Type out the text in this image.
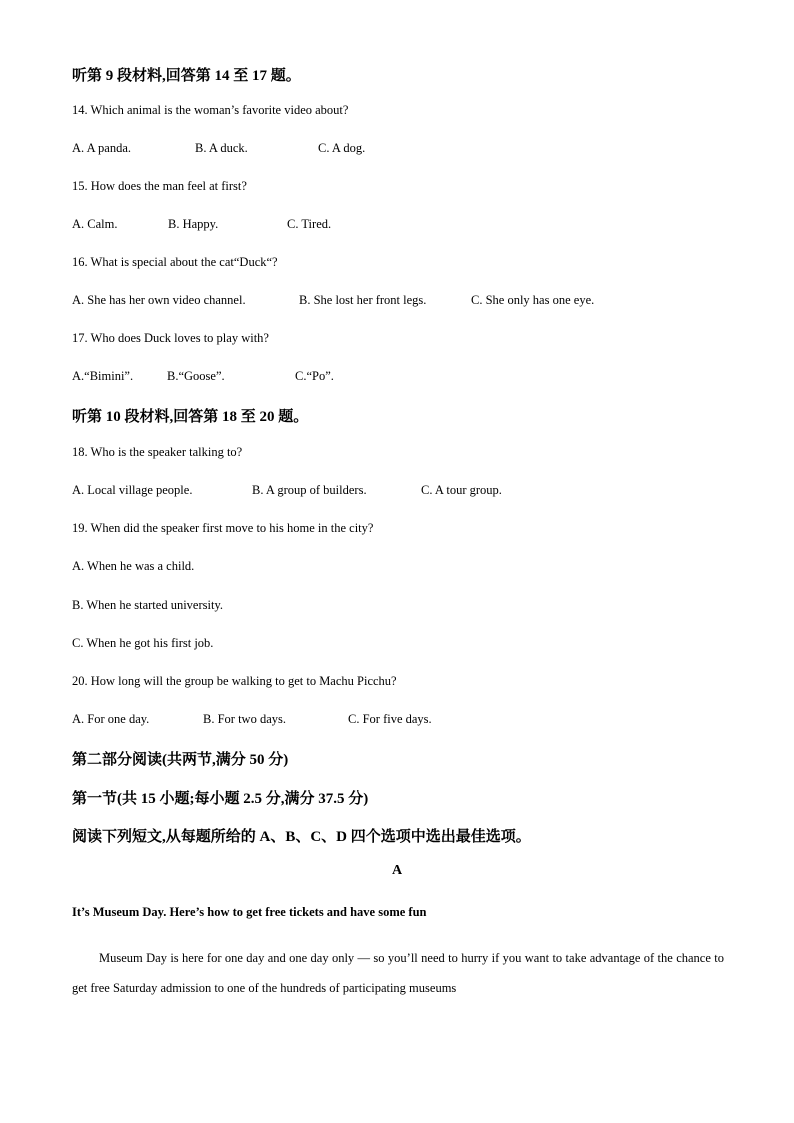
听第 9 段材料,回答第 14 至 17 题。
14. Which animal is the woman’s favorite video about?
A. A panda.	B. A duck.	C. A dog.
15. How does the man feel at first?
A. Calm.	B. Happy.	C. Tired.
16. What is special about the cat“Duck“?
A. She has her own video channel.	B. She lost her front legs.	C. She only has one eye.
17. Who does Duck loves to play with?
A.“Bimini”.	B.“Goose”.	C.“Po”.
听第 10 段材料,回答第 18 至 20 题。
18. Who is the speaker talking to?
A. Local village people.	B. A group of builders.	C. A tour group.
19. When did the speaker first move to his home in the city?
A. When he was a child.
B. When he started university.
C. When he got his first job.
20. How long will the group be walking to get to Machu Picchu?
A. For one day.	B. For two days.	C. For five days.
第二部分阅读(共两节,满分 50 分)
第一节(共 15 小题;每小题 2.5 分,满分 37.5 分)
阅读下列短文,从每题所给的 A、B、C、D 四个选项中选出最佳选项。
A
It’s Museum Day. Here’s how to get free tickets and have some fun
Museum Day is here for one day and one day only — so you’ll need to hurry if you want to take advantage of the chance to get free Saturday admission to one of the hundreds of participating museums
